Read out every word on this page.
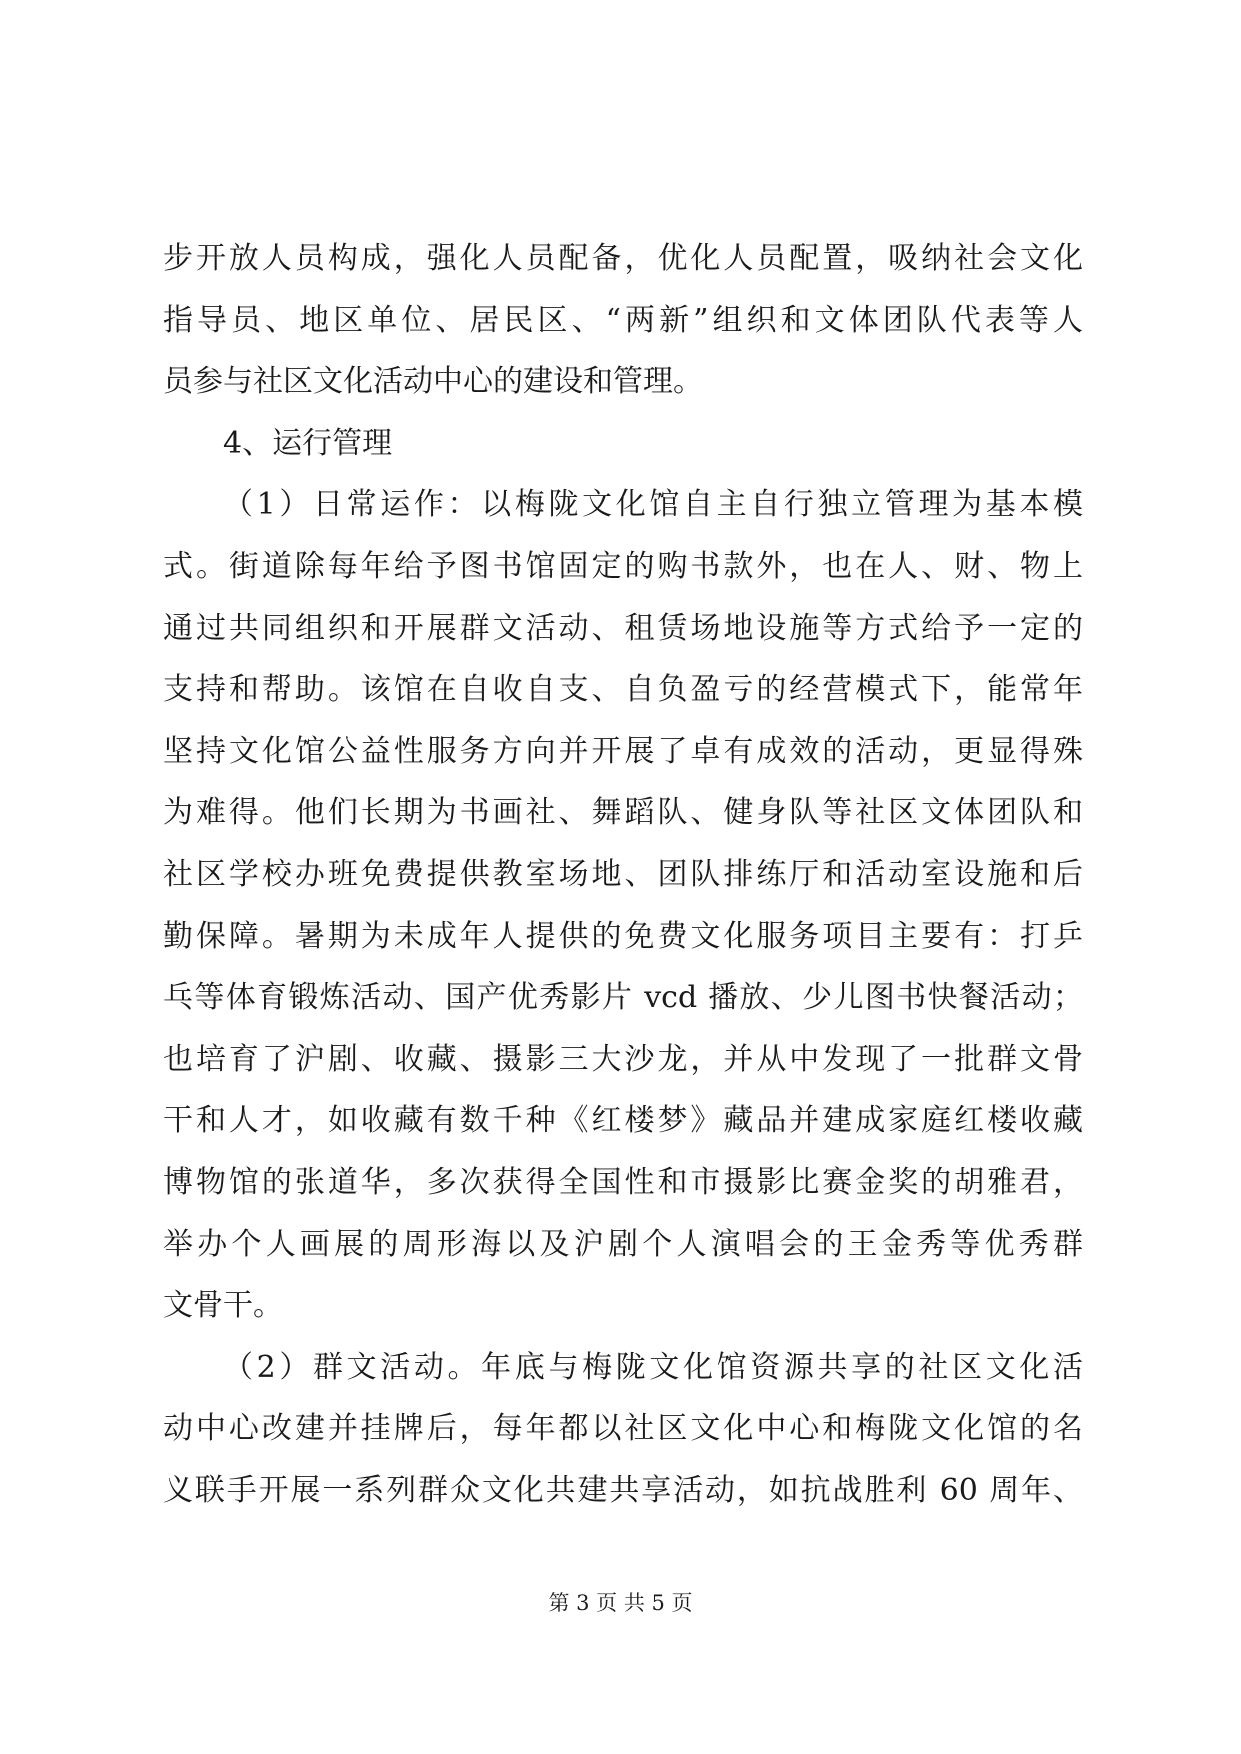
步开放人员构成，强化人员配备，优化人员配置，吸纳社会文化
指导员、地区单位、居民区、“两新”组织和文体团队代表等人
员参与社区文化活动中心的建设和管理。
4、运行管理
（1）日常运作：以梅陇文化馆自主自行独立管理为基本模
式。街道除每年给予图书馆固定的购书款外，也在人、财、物上
通过共同组织和开展群文活动、租赁场地设施等方式给予一定的
支持和帮助。该馆在自收自支、自负盈亏的经营模式下，能常年
坚持文化馆公益性服务方向并开展了卓有成效的活动，更显得殊
为难得。他们长期为书画社、舞蹈队、健身队等社区文体团队和
社区学校办班免费提供教室场地、团队排练厅和活动室设施和后
勤保障。暑期为未成年人提供的免费文化服务项目主要有：打乒
乓等体育锻炼活动、国产优秀影片 vcd 播放、少儿图书快餐活动；
也培育了沪剧、收藏、摄影三大沙龙，并从中发现了一批群文骨
干和人才，如收藏有数千种《红楼梦》藏品并建成家庭红楼收藏
博物馆的张道华，多次获得全国性和市摄影比赛金奖的胡雅君，
举办个人画展的周形海以及沪剧个人演唱会的王金秀等优秀群
文骨干。
（2）群文活动。年底与梅陇文化馆资源共享的社区文化活
动中心改建并挂牌后，每年都以社区文化中心和梅陇文化馆的名
义联手开展一系列群众文化共建共享活动，如抗战胜利 60 周年、
第 3 页 共 5 页
